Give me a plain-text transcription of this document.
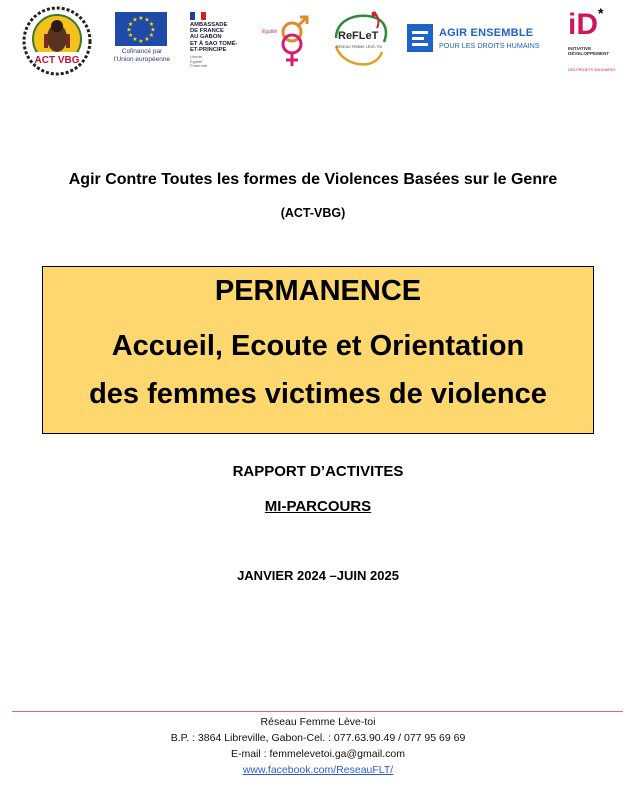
ACT VBG
★ ★
★
★
★
★
★
★
★
★
★
★
Cofinancé par
l'Union européenne
AMBASSADE
DE FRANCE
AU GABON
ET À SAO TOMÉ-
ET-PRINCIPE
Liberté
Égalité
Fraternité
Égalité	ReFLeT
RÉSEAU FEMME LÈVE-TOI
AGIR ENSEMBLE
POUR LES DROITS HUMAINS
iD *
INITIATIVE
DÉVELOPPEMENT
DES PROJETS SOLIDAIRES
Agir Contre Toutes les formes de Violences Basées sur le Genre
(ACT-VBG)
PERMANENCE
Accueil, Ecoute et Orientation
des femmes victimes de violence
RAPPORT D’ACTIVITES
MI-PARCOURS
JANVIER 2024 –JUIN 2025
Réseau Femme Lève-toi
B.P. : 3864 Libreville, Gabon-Cel. : 077.63.90.49 / 077 95 69 69
E-mail : femmelevetoi.ga@gmail.com
www.facebook.com/ReseauFLT/
